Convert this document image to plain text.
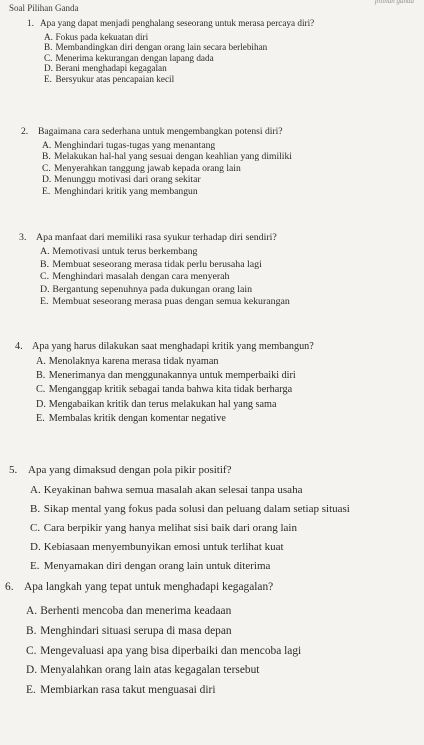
Soal Pilihan Ganda
pilihan ganda
1. Apa yang dapat menjadi penghalang seseorang untuk merasa percaya diri?
A. Fokus pada kekuatan diri
B. Membandingkan diri dengan orang lain secara berlebihan
C. Menerima kekurangan dengan lapang dada
D. Berani menghadapi kegagalan
E. Bersyukur atas pencapaian kecil
2. Bagaimana cara sederhana untuk mengembangkan potensi diri?
A. Menghindari tugas-tugas yang menantang
B. Melakukan hal-hal yang sesuai dengan keahlian yang dimiliki
C. Menyerahkan tanggung jawab kepada orang lain
D. Menunggu motivasi dari orang sekitar
E. Menghindari kritik yang membangun
3. Apa manfaat dari memiliki rasa syukur terhadap diri sendiri?
A. Memotivasi untuk terus berkembang
B. Membuat seseorang merasa tidak perlu berusaha lagi
C. Menghindari masalah dengan cara menyerah
D. Bergantung sepenuhnya pada dukungan orang lain
E. Membuat seseorang merasa puas dengan semua kekurangan
4. Apa yang harus dilakukan saat menghadapi kritik yang membangun?
A. Menolaknya karena merasa tidak nyaman
B. Menerimanya dan menggunakannya untuk memperbaiki diri
C. Menganggap kritik sebagai tanda bahwa kita tidak berharga
D. Mengabaikan kritik dan terus melakukan hal yang sama
E. Membalas kritik dengan komentar negative
5. Apa yang dimaksud dengan pola pikir positif?
A. Keyakinan bahwa semua masalah akan selesai tanpa usaha
B. Sikap mental yang fokus pada solusi dan peluang dalam setiap situasi
C. Cara berpikir yang hanya melihat sisi baik dari orang lain
D. Kebiasaan menyembunyikan emosi untuk terlihat kuat
E. Menyamakan diri dengan orang lain untuk diterima
6. Apa langkah yang tepat untuk menghadapi kegagalan?
A. Berhenti mencoba dan menerima keadaan
B. Menghindari situasi serupa di masa depan
C. Mengevaluasi apa yang bisa diperbaiki dan mencoba lagi
D. Menyalahkan orang lain atas kegagalan tersebut
E. Membiarkan rasa takut menguasai diri
